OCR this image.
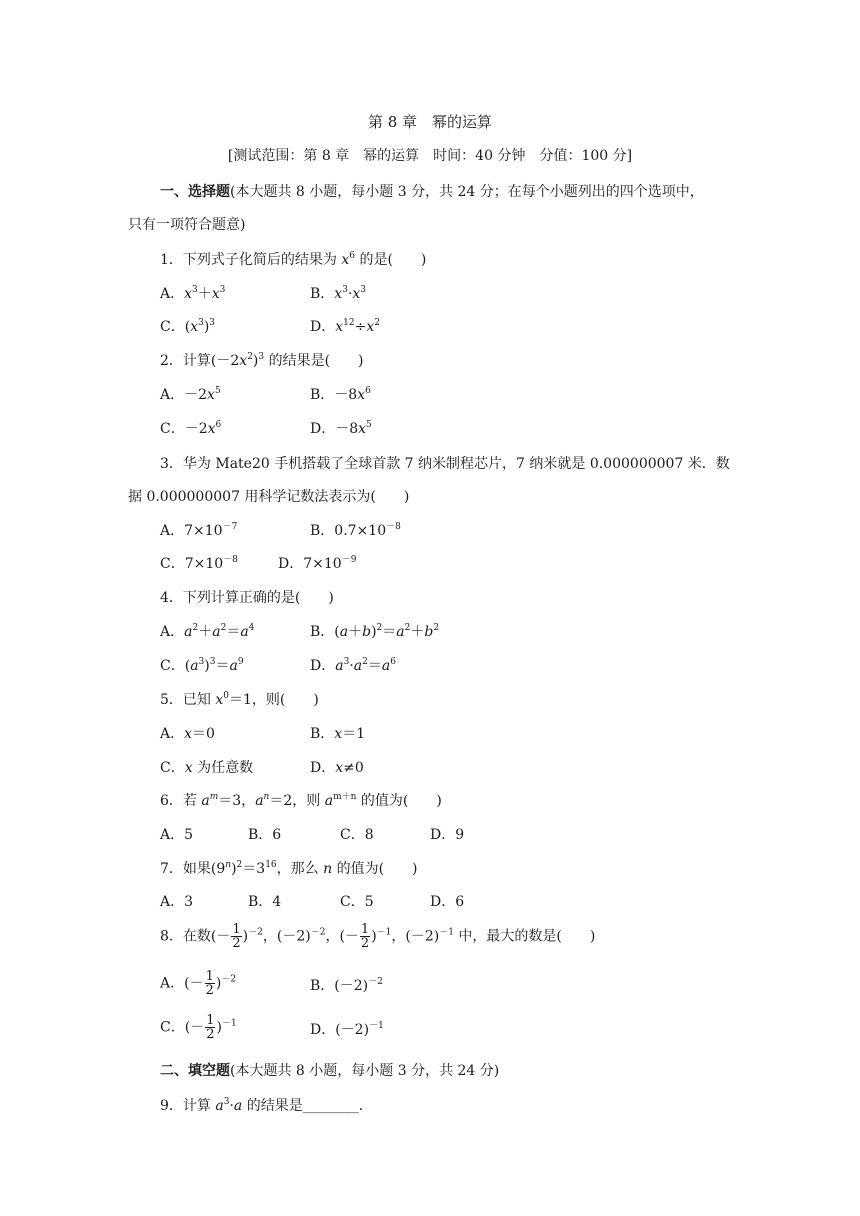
第 8 章　幂的运算
[测试范围：第 8 章　幂的运算　时间：40 分钟　分值：100 分]
一、选择题(本大题共 8 小题，每小题 3 分，共 24 分；在每个小题列出的四个选项中，
只有一项符合题意)
1．下列式子化简后的结果为 $x^6$ 的是(　　)
A．$x^3+x^3$	B．$x^3\cdot x^3$
C．$(x^3)^3$	D．$x^{12}\div x^2$
2．计算$(-2x^2)^3$ 的结果是(　　)
A．$-2x^5$	B．$-8x^6$
C．$-2x^6$	D．$-8x^5$
3．华为 Mate20 手机搭载了全球首款 7 纳米制程芯片，7 纳米就是 0.000000007 米．数
据 0.000000007 用科学记数法表示为(　　)
A．$7\times 10^{-7}$	B．$0.7\times 10^{-8}$
C．$7\times 10^{-8}$	D．$7\times 10^{-9}$
4．下列计算正确的是(　　)
A．$a^2+a^2=a^4$	B．$(a+b)^2=a^2+b^2$
C．$(a^3)^3=a^9$	D．$a^3\cdot a^2=a^6$
5．已知 $x^0=1$，则(　　)
A．x＝0	B．x＝1
C．x 为任意数	D．x≠0
6．若 $a^m=3$，$a^n=2$，则 $a^{m+n}$ 的值为(　　)
A．5	B．6	C．8	D．9
7．如果$(9^n)^2=3^{16}$，那么 n 的值为(　　)
A．3	B．4	C．5	D．6
8．在数(－ $\frac{1}{2} )^{-2}$，$(-2)^{-2}$，(－ $\frac{1}{2} )^{-1}$，$(-2)^{-1}$ 中，最大的数是(　　)
A．(－ $\frac{1}{2} )^{-2}$	B．$(-2)^{-2}$
C．(－ $\frac{1}{2} )^{-1}$	D．$(-2)^{-1}$
二、填空题(本大题共 8 小题，每小题 3 分，共 24 分)
9．计算 $a^3\cdot a$ 的结果是________．
